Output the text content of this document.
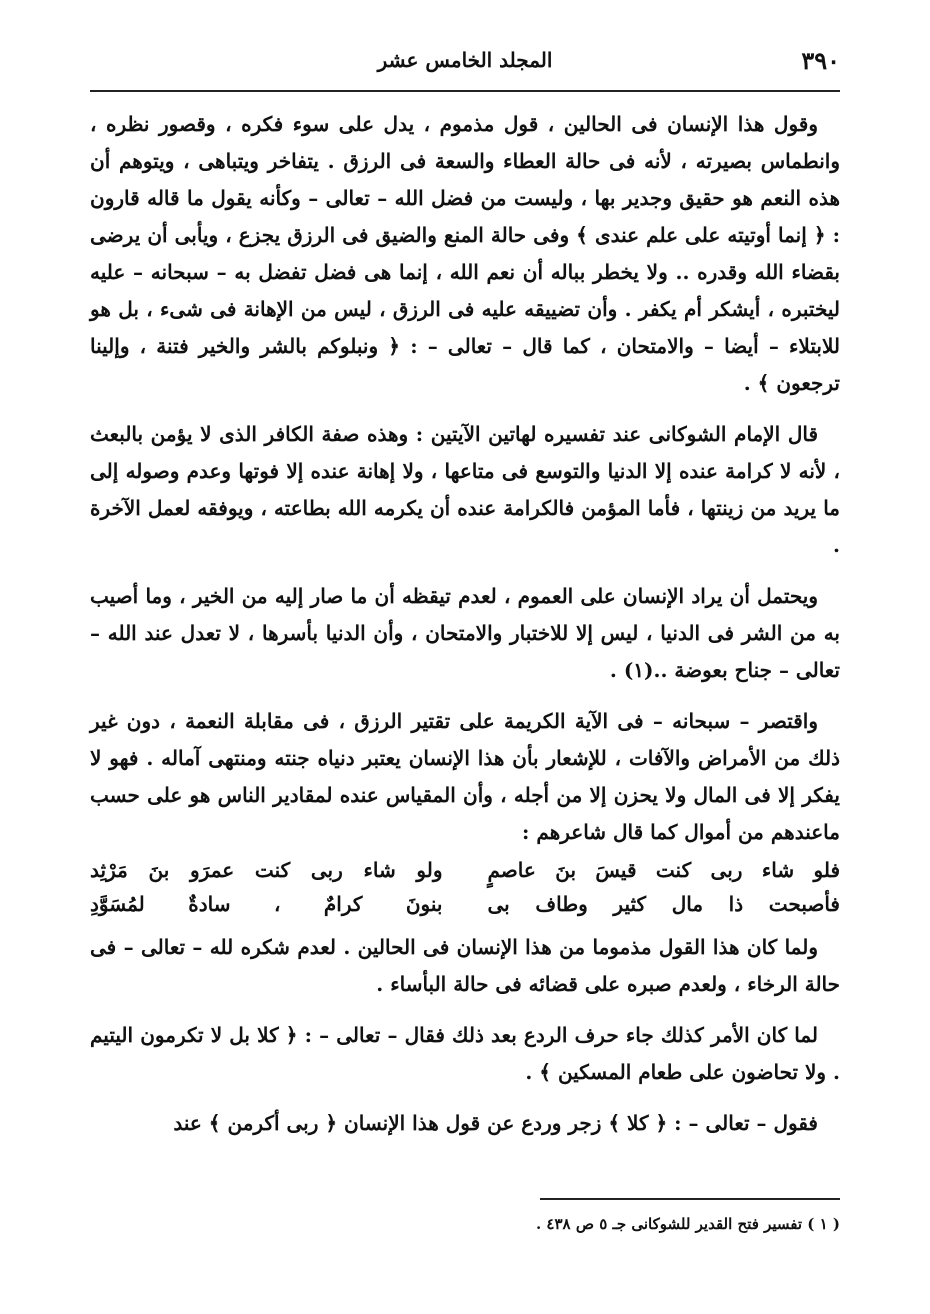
٣٩٠
المجلد الخامس عشر

وقول هذا الإنسان فى الحالين ، قول مذموم ، يدل على سوء فكره ، وقصور نظره ، وانطماس بصيرته ، لأنه فى حالة العطاء والسعة فى الرزق . يتفاخر ويتباهى ، ويتوهم أن هذه النعم هو حقيق وجدير بها ، وليست من فضل الله – تعالى – وكأنه يقول ما قاله قارون : ﴿ إنما أوتيته على علم عندى ﴾ وفى حالة المنع والضيق فى الرزق يجزع ، ويأبى أن يرضى بقضاء الله وقدره .. ولا يخطر بباله أن نعم الله ، إنما هى فضل تفضل به – سبحانه – عليه ليختبره ، أيشكر أم يكفر . وأن تضييقه عليه فى الرزق ، ليس من الإهانة فى شىء ، بل هو للابتلاء – أيضا – والامتحان ، كما قال – تعالى – : ﴿ ونبلوكم بالشر والخير فتنة ، وإلينا ترجعون ﴾ .

قال الإمام الشوكانى عند تفسيره لهاتين الآيتين : وهذه صفة الكافر الذى لا يؤمن بالبعث ، لأنه لا كرامة عنده إلا الدنيا والتوسع فى متاعها ، ولا إهانة عنده إلا فوتها وعدم وصوله إلى ما يريد من زينتها ، فأما المؤمن فالكرامة عنده أن يكرمه الله بطاعته ، ويوفقه لعمل الآخرة .

ويحتمل أن يراد الإنسان على العموم ، لعدم تيقظه أن ما صار إليه من الخير ، وما أصيب به من الشر فى الدنيا ، ليس إلا للاختبار والامتحان ، وأن الدنيا بأسرها ، لا تعدل عند الله – تعالى – جناح بعوضة ..(١) .

واقتصر – سبحانه – فى الآية الكريمة على تقتير الرزق ، فى مقابلة النعمة ، دون غير ذلك من الأمراض والآفات ، للإشعار بأن هذا الإنسان يعتبر دنياه جنته ومنتهى آماله . فهو لا يفكر إلا فى المال ولا يحزن إلا من أجله ، وأن المقياس عنده لمقادير الناس هو على حسب ماعندهم من أموال كما قال شاعرهم :

فلو شاء ربى كنت قيسَ بنَ عاصمٍ
ولو شاء ربى كنت عمرَو بنَ مَرْثِد
فأصبحت ذا مال كثير وطاف بى
بنونَ كرامٌ ، سادةٌ لمُسَوَّدِ

ولما كان هذا القول مذموما من هذا الإنسان فى الحالين . لعدم شكره لله – تعالى – فى حالة الرخاء ، ولعدم صبره على قضائه فى حالة البأساء .

لما كان الأمر كذلك جاء حرف الردع بعد ذلك فقال – تعالى – : ﴿ كلا بل لا تكرمون اليتيم . ولا تحاضون على طعام المسكين ﴾ .

فقول – تعالى – : ﴿ كلا ﴾ زجر وردع عن قول هذا الإنسان ﴿ ربى أكرمن ﴾ عند

( ١ ) تفسير فتح القدير للشوكانى جـ ٥ ص ٤٣٨ .
